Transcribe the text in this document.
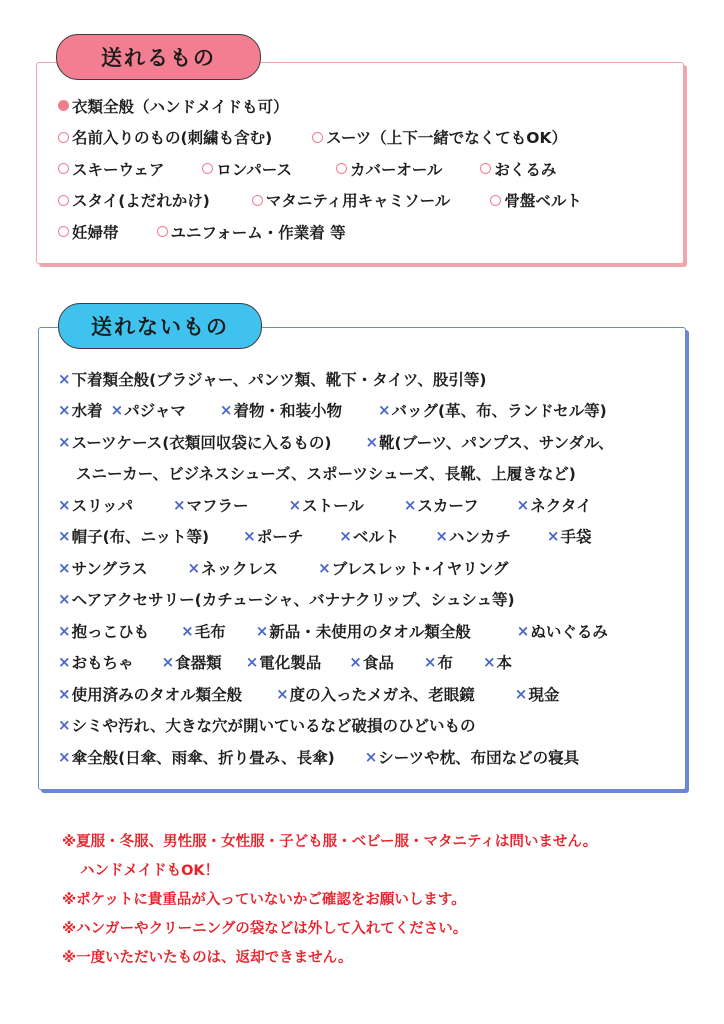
送れるもの
衣類全般（ハンドメイドも可）
名前入りのもの(刺繍も含む)	スーツ（上下一緒でなくてもOK）
スキーウェア	ロンパース	カバーオール	おくるみ
スタイ(よだれかけ)	マタニティ用キャミソール	骨盤ベルト
妊婦帯	ユニフォーム・作業着 等
送れないもの
× 下着類全般(ブラジャー、パンツ類、靴下・タイツ、股引等)
× 水着 × パジャマ × 着物・和装小物 × バッグ(革、布、ランドセル等)
× スーツケース(衣類回収袋に入るもの) × 靴(ブーツ、パンプス、サンダル、
スニーカー、ビジネスシューズ、スポーツシューズ、長靴、上履きなど)
× スリッパ	× マフラー	× ストール	× スカーフ	× ネクタイ
× 帽子(布、ニット等) × ポーチ × ベルト × ハンカチ × 手袋
× サングラス	× ネックレス	× ブレスレット･イヤリング
× ヘアアクセサリー(カチューシャ、バナナクリップ、シュシュ等)
× 抱っこひも × 毛布 × 新品・未使用のタオル類全般	× ぬいぐるみ
× おもちゃ × 食器類 × 電化製品 × 食品 × 布 × 本
× 使用済みのタオル類全般 × 度の入ったメガネ、老眼鏡	× 現金
× シミや汚れ、大きな穴が開いているなど破損のひどいもの
× 傘全般(日傘、雨傘、折り畳み、長傘) × シーツや枕、布団などの寝具
※夏服・冬服、男性服・女性服・子ども服・ベビー服・マタニティは問いません。
ハンドメイドもOK！
※ポケットに貴重品が入っていないかご確認をお願いします。
※ハンガーやクリーニングの袋などは外して入れてください。
※一度いただいたものは、返却できません。
